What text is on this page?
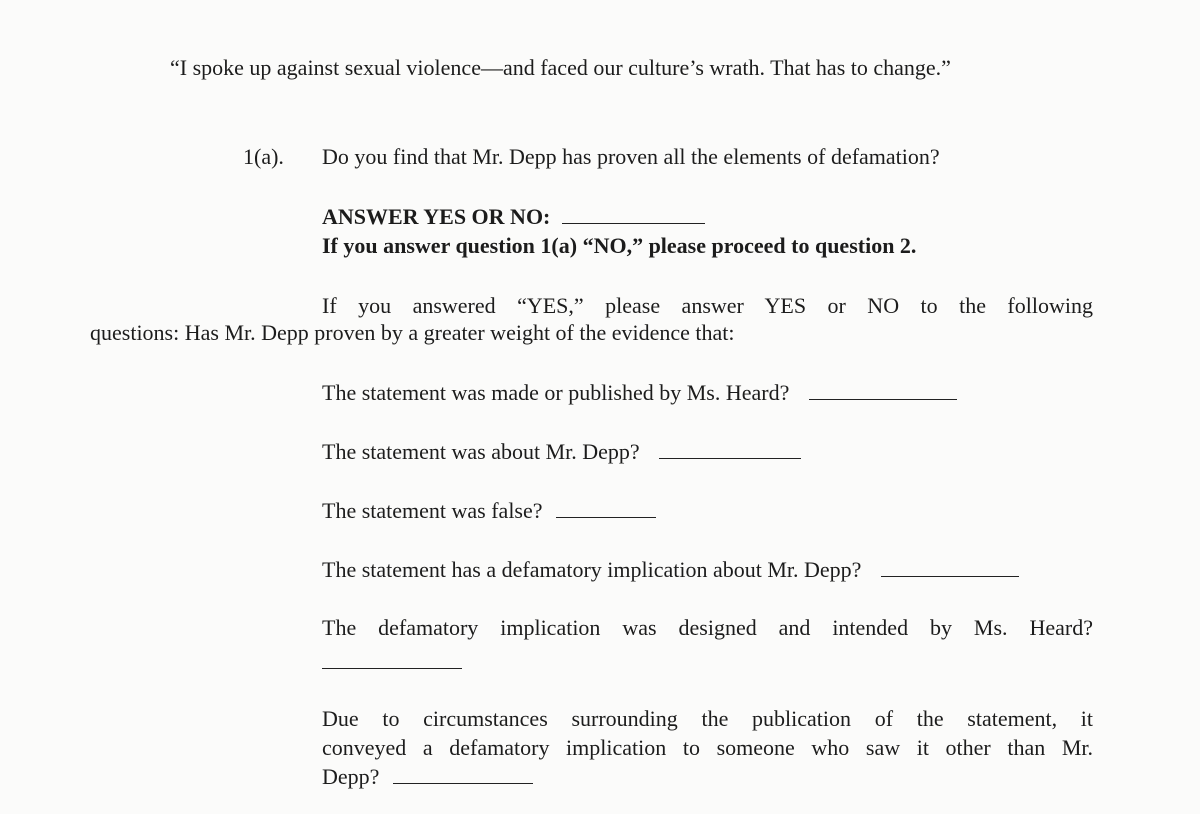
“I spoke up against sexual violence—and faced our culture’s wrath. That has to change.”
1(a). Do you find that Mr. Depp has proven all the elements of defamation?
ANSWER YES OR NO:
If you answer question 1(a) “NO,” please proceed to question 2.
If you answered “YES,” please answer YES or NO to the following
questions: Has Mr. Depp proven by a greater weight of the evidence that:
The statement was made or published by Ms. Heard?
The statement was about Mr. Depp?
The statement was false?
The statement has a defamatory implication about Mr. Depp?
The defamatory implication was designed and intended by Ms. Heard?
Due to circumstances surrounding the publication of the statement, it
conveyed a defamatory implication to someone who saw it other than Mr.
Depp?
